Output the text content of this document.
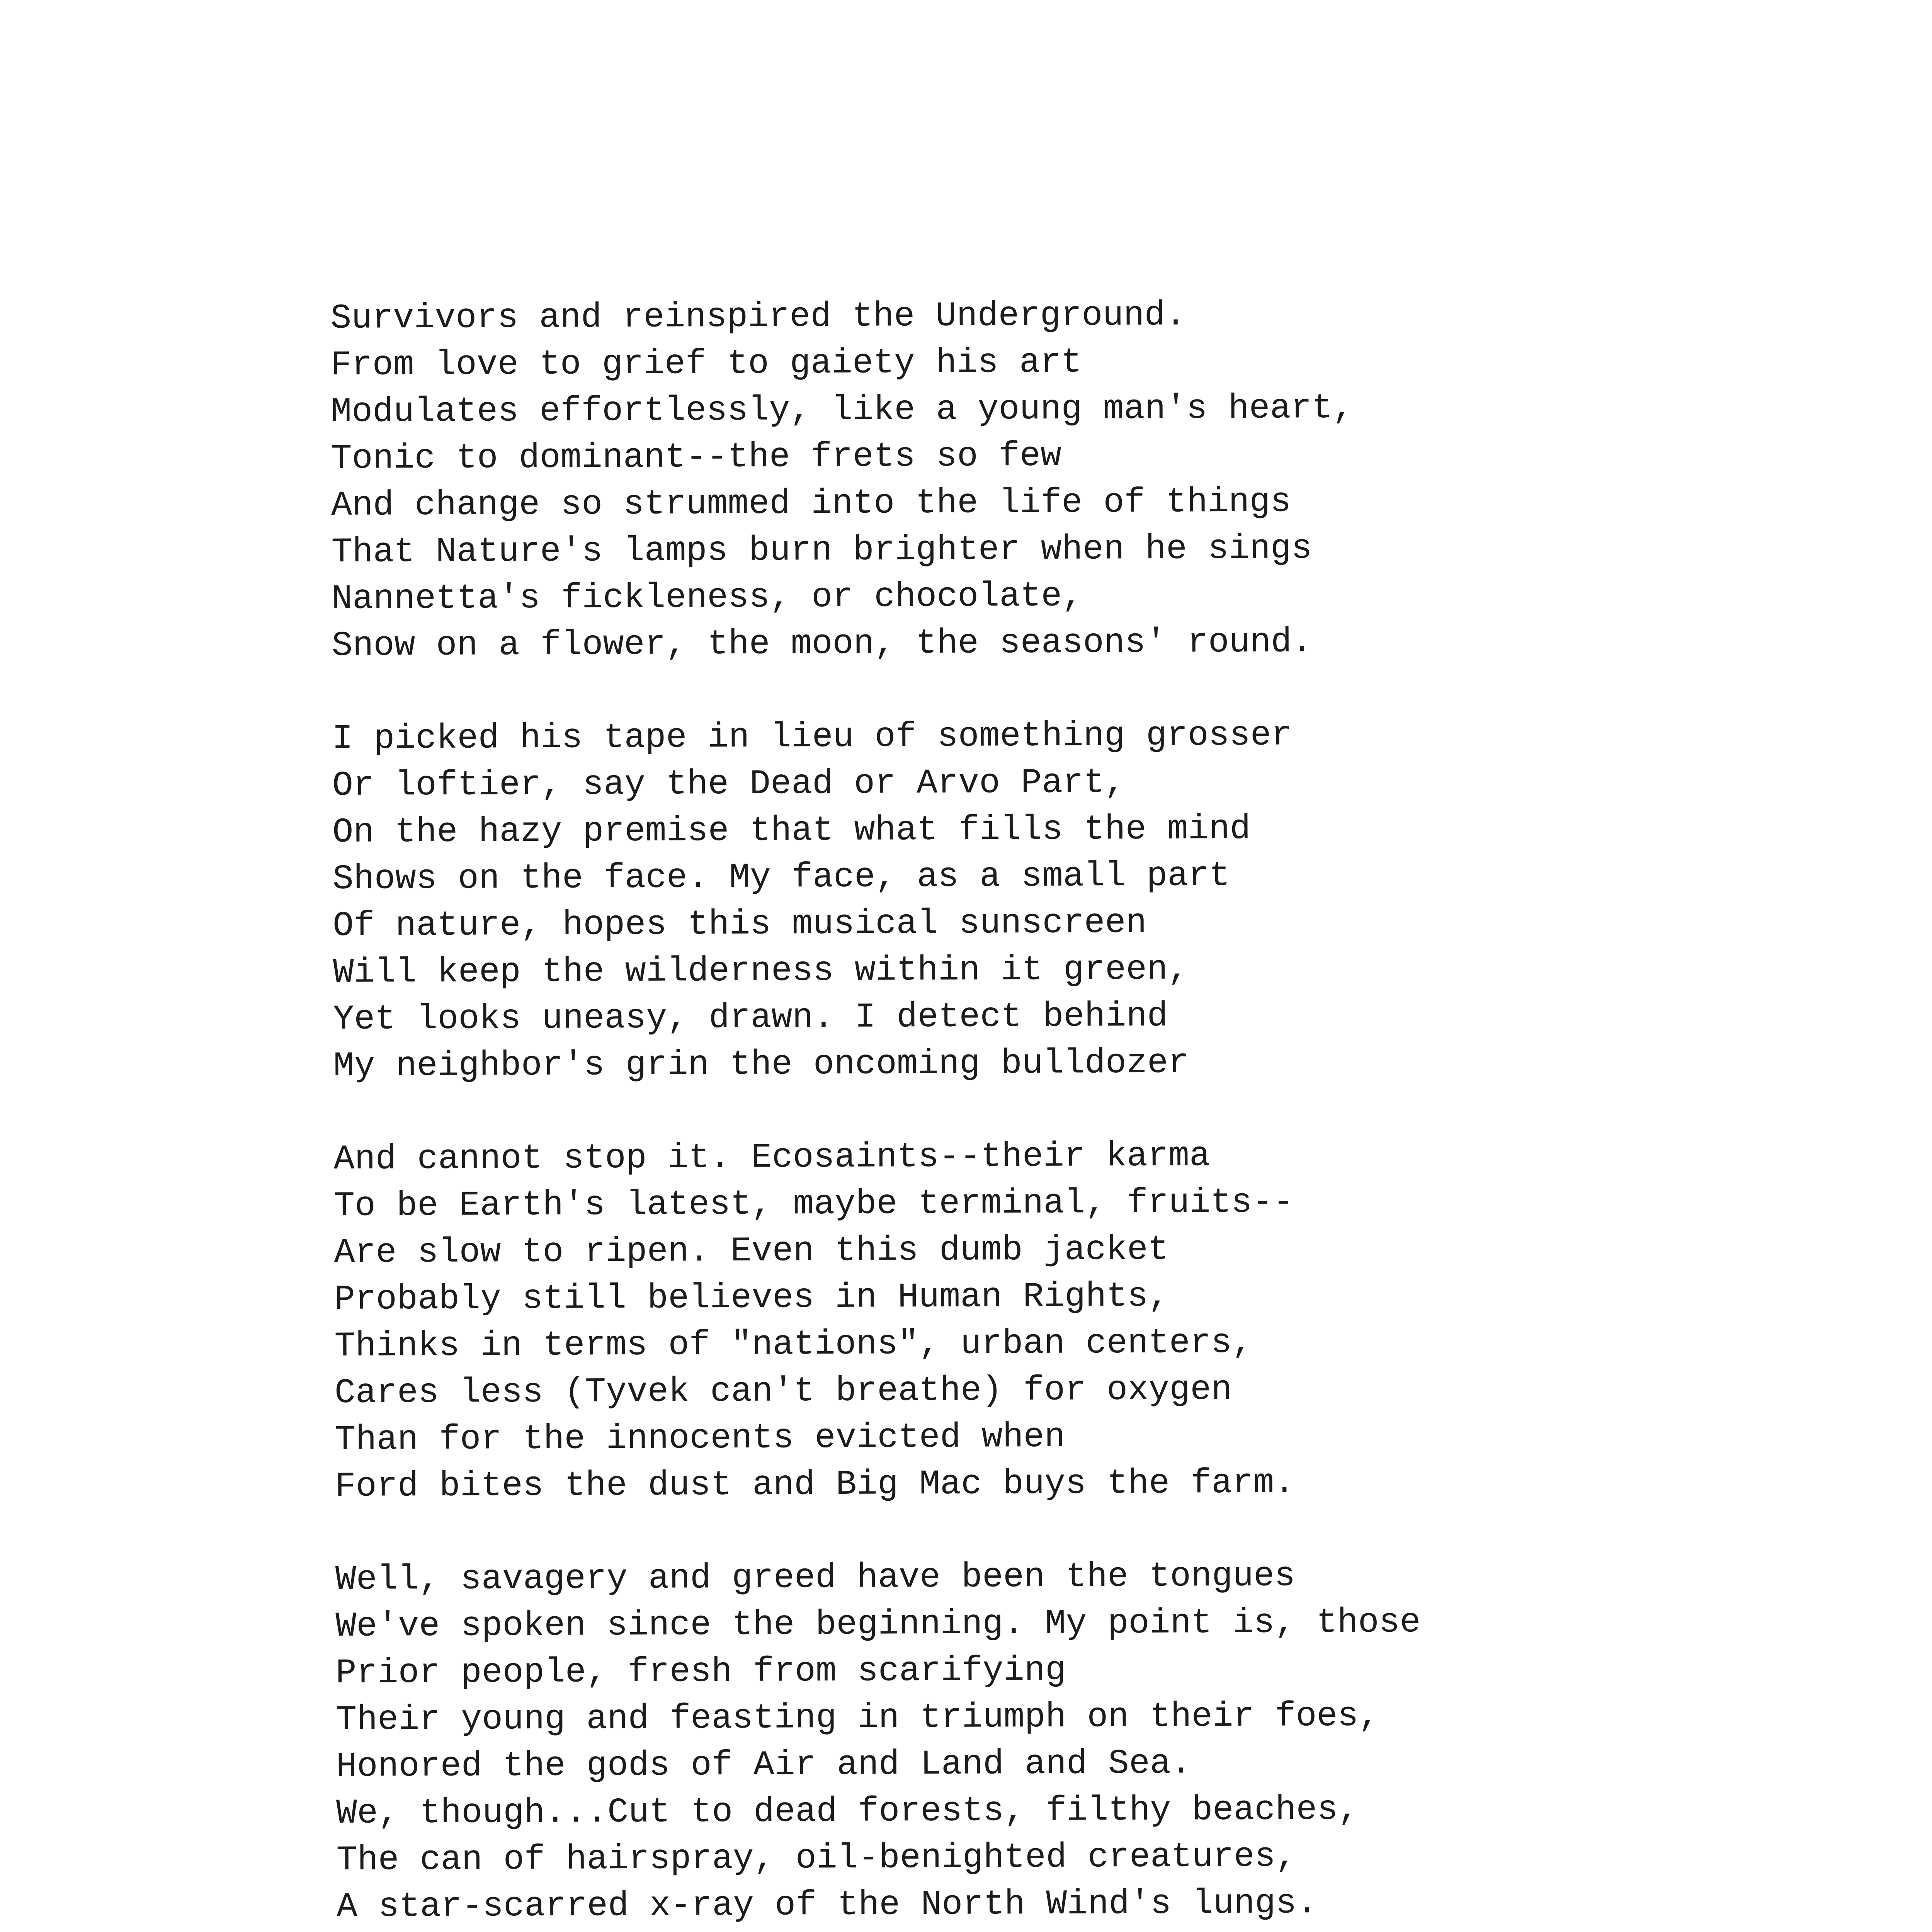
Survivors and reinspired the Underground.
From love to grief to gaiety his art
Modulates effortlessly, like a young man's heart,
Tonic to dominant--the frets so few
And change so strummed into the life of things
That Nature's lamps burn brighter when he sings
Nannetta's fickleness, or chocolate,
Snow on a flower, the moon, the seasons' round.
I picked his tape in lieu of something grosser
Or loftier, say the Dead or Arvo Part,
On the hazy premise that what fills the mind
Shows on the face. My face, as a small part
Of nature, hopes this musical sunscreen
Will keep the wilderness within it green,
Yet looks uneasy, drawn. I detect behind
My neighbor's grin the oncoming bulldozer
And cannot stop it. Ecosaints--their karma
To be Earth's latest, maybe terminal, fruits--
Are slow to ripen. Even this dumb jacket
Probably still believes in Human Rights,
Thinks in terms of "nations", urban centers,
Cares less (Tyvek can't breathe) for oxygen
Than for the innocents evicted when
Ford bites the dust and Big Mac buys the farm.
Well, savagery and greed have been the tongues
We've spoken since the beginning. My point is, those
Prior people, fresh from scarifying
Their young and feasting in triumph on their foes,
Honored the gods of Air and Land and Sea.
We, though...Cut to dead forests, filthy beaches,
The can of hairspray, oil-benighted creatures,
A star-scarred x-ray of the North Wind's lungs.
